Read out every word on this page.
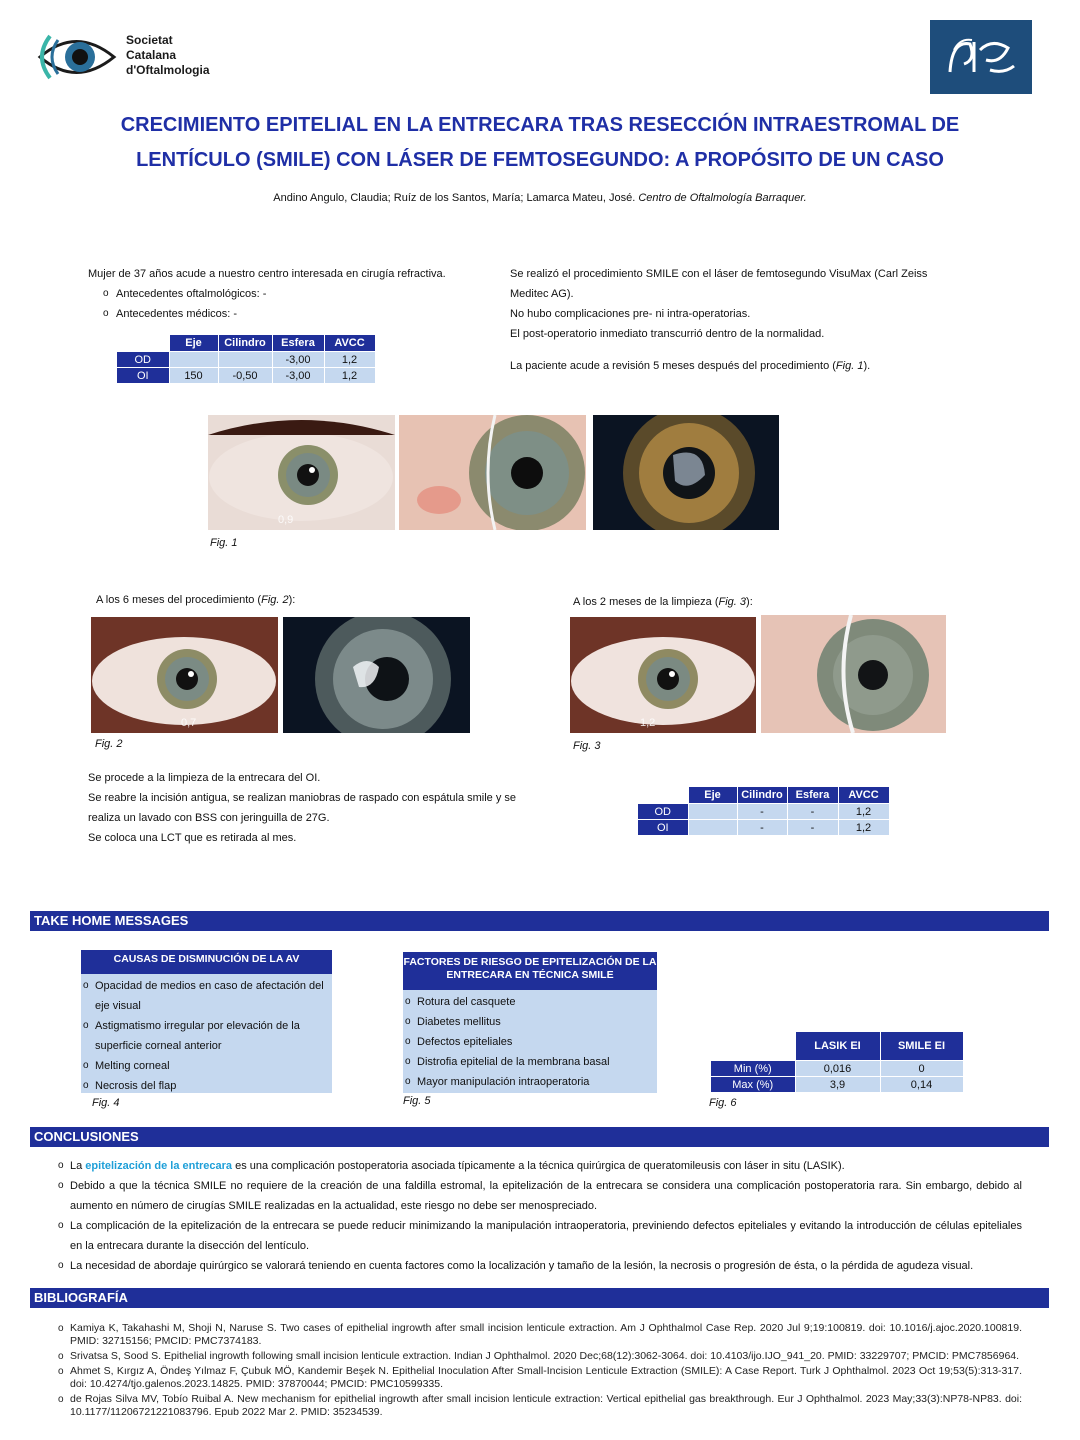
Societat
Catalana
d'Oftalmologia
CRECIMIENTO EPITELIAL EN LA ENTRECARA TRAS RESECCIÓN INTRAESTROMAL DE
LENTÍCULO (SMILE) CON LÁSER DE FEMTOSEGUNDO: A PROPÓSITO DE UN CASO
Andino Angulo, Claudia; Ruíz de los Santos, María; Lamarca Mateu, José. Centro de Oftalmología Barraquer.
Mujer de 37 años acude a nuestro centro interesada en cirugía refractiva.
o Antecedentes oftalmológicos: -
o Antecedentes médicos: -
	Eje	Cilindro	Esfera	AVCC
OD			-3,00	1,2
OI	150	-0,50	-3,00	1,2
Se realizó el procedimiento SMILE con el láser de femtosegundo VisuMax (Carl Zeiss
Meditec AG).
No hubo complicaciones pre- ni intra-operatorias.
El post-operatorio inmediato transcurrió dentro de la normalidad.
La paciente acude a revisión 5 meses después del procedimiento (Fig. 1).
0,9
Fig. 1
A los 6 meses del procedimiento (Fig. 2):
0,7
Fig. 2
A los 2 meses de la limpieza (Fig. 3):
1,2
Fig. 3
Se procede a la limpieza de la entrecara del OI.
Se reabre la incisión antigua, se realizan maniobras de raspado con espátula smile y se
realiza un lavado con BSS con jeringuilla de 27G.
Se coloca una LCT que es retirada al mes.
	Eje	Cilindro	Esfera	AVCC
OD		-	-	1,2
OI		-	-	1,2
TAKE HOME MESSAGES
CAUSAS DE DISMINUCIÓN DE LA AV
o Opacidad de medios en caso de afectación del eje visual
o Astigmatismo irregular por elevación de la superficie corneal anterior
o Melting corneal
o Necrosis del flap
Fig. 4
FACTORES DE RIESGO DE EPITELIZACIÓN DE LA ENTRECARA EN TÉCNICA SMILE
o Rotura del casquete
o Diabetes mellitus
o Defectos epiteliales
o Distrofia epitelial de la membrana basal
o Mayor manipulación intraoperatoria
Fig. 5
	LASIK EI	SMILE EI
Min (%)	0,016	0
Max (%)	3,9	0,14
Fig. 6
CONCLUSIONES
o La epitelización de la entrecara es una complicación postoperatoria asociada típicamente a la técnica quirúrgica de queratomileusis con láser in situ (LASIK).
o Debido a que la técnica SMILE no requiere de la creación de una faldilla estromal, la epitelización de la entrecara se considera una complicación postoperatoria rara. Sin embargo, debido al aumento en número de cirugías SMILE realizadas en la actualidad, este riesgo no debe ser menospreciado.
o La complicación de la epitelización de la entrecara se puede reducir minimizando la manipulación intraoperatoria, previniendo defectos epiteliales y evitando la introducción de células epiteliales en la entrecara durante la disección del lentículo.
o La necesidad de abordaje quirúrgico se valorará teniendo en cuenta factores como la localización y tamaño de la lesión, la necrosis o progresión de ésta, o la pérdida de agudeza visual.
BIBLIOGRAFÍA
o Kamiya K, Takahashi M, Shoji N, Naruse S. Two cases of epithelial ingrowth after small incision lenticule extraction. Am J Ophthalmol Case Rep. 2020 Jul 9;19:100819. doi: 10.1016/j.ajoc.2020.100819. PMID: 32715156; PMCID: PMC7374183.
o Srivatsa S, Sood S. Epithelial ingrowth following small incision lenticule extraction. Indian J Ophthalmol. 2020 Dec;68(12):3062-3064. doi: 10.4103/ijo.IJO_941_20. PMID: 33229707; PMCID: PMC7856964.
o Ahmet S, Kırgız A, Öndeş Yılmaz F, Çubuk MÖ, Kandemir Beşek N. Epithelial Inoculation After Small-Incision Lenticule Extraction (SMILE): A Case Report. Turk J Ophthalmol. 2023 Oct 19;53(5):313-317. doi: 10.4274/tjo.galenos.2023.14825. PMID: 37870044; PMCID: PMC10599335.
o de Rojas Silva MV, Tobío Ruibal A. New mechanism for epithelial ingrowth after small incision lenticule extraction: Vertical epithelial gas breakthrough. Eur J Ophthalmol. 2023 May;33(3):NP78-NP83. doi: 10.1177/11206721221083796. Epub 2022 Mar 2. PMID: 35234539.
